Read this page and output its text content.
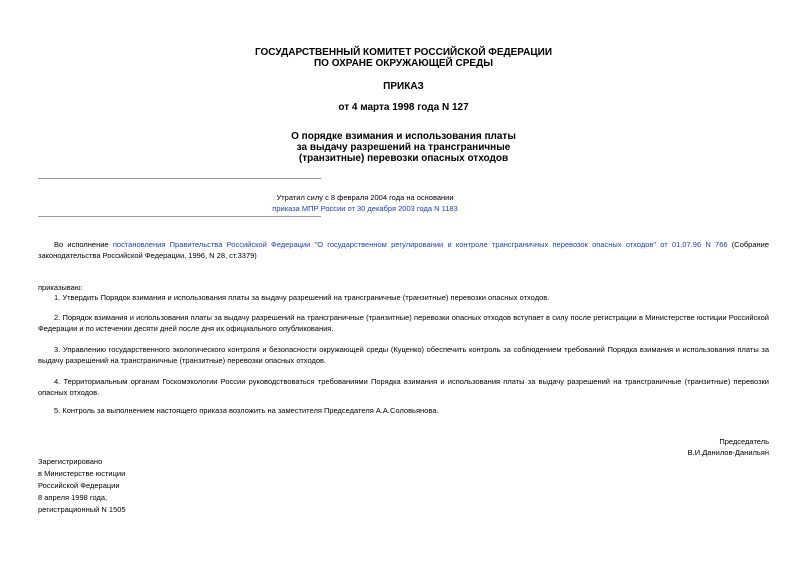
ГОСУДАРСТВЕННЫЙ КОМИТЕТ РОССИЙСКОЙ ФЕДЕРАЦИИ
ПО ОХРАНЕ ОКРУЖАЮЩЕЙ СРЕДЫ
ПРИКАЗ
от 4 марта 1998 года N 127
О порядке взимания и использования платы
за выдачу разрешений на трансграничные
(транзитные) перевозки опасных отходов
Утратил силу с 8 февраля 2004 года на основании
приказа МПР России от 30 декабря 2003 года N 1183

Во исполнение постановления Правительства Российской Федерации "О государственном регулировании и контроле трансграничных перевозок опасных отходов" от 01.07.96 N 766 (Собрание законодательства Российской Федерации, 1996, N 28, ст.3379)

приказываю:

1. Утвердить Порядок взимания и использования платы за выдачу разрешений на трансграничные (транзитные) перевозки опасных отходов.

2. Порядок взимания и использования платы за выдачу разрешений на трансграничные (транзитные) перевозки опасных отходов вступает в силу после регистрации в Министерстве юстиции Российской Федерации и по истечении десяти дней после дня их официального опубликования.

3. Управлению государственного экологического контроля и безопасности окружающей среды (Куценко) обеспечить контроль за соблюдением требований Порядка взимания и использования платы за выдачу разрешений на трансграничные (транзитные) перевозки опасных отходов.

4. Территориальным органам Госкомэкологии России руководствоваться требованиями Порядка взимания и использования платы за выдачу разрешений на трансграничные (транзитные) перевозки опасных отходов.

5. Контроль за выполнением настоящего приказа возложить на заместителя Председателя А.А.Соловьянова.

Председатель
В.И.Данилов-Данильян
Зарегистрировано
в Министерстве юстиции
Российской Федерации
8 апреля 1998 года,
регистрационный N 1505
